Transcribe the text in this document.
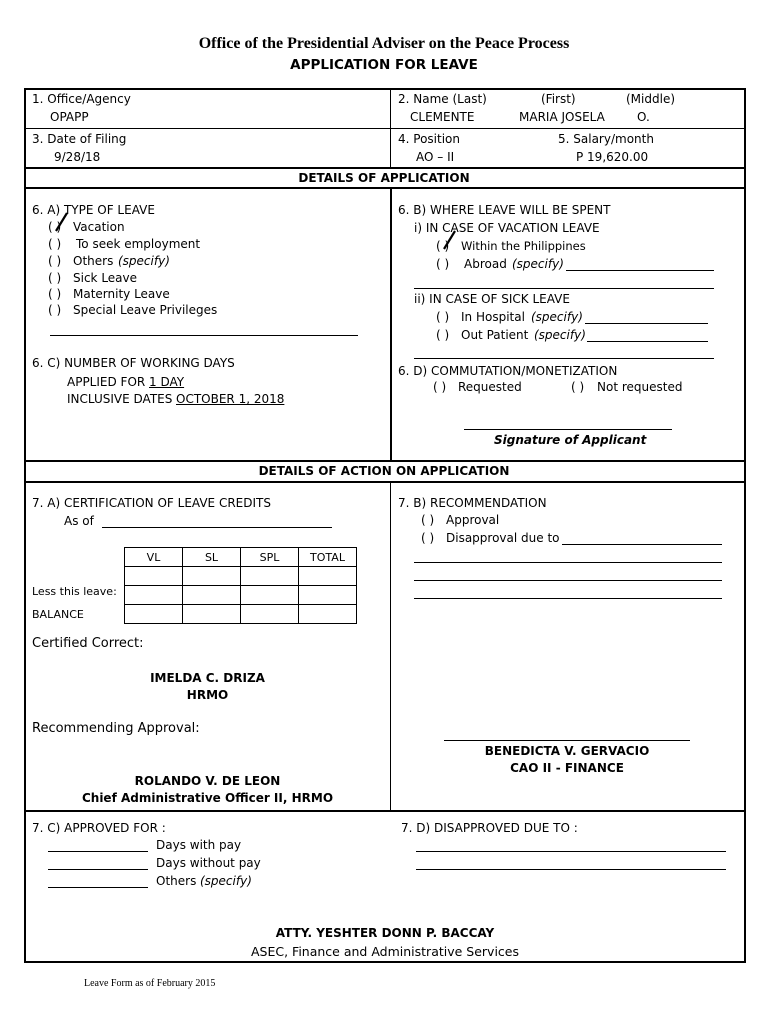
Office of the Presidential Adviser on the Peace Process
APPLICATION FOR LEAVE
1. Office/Agency
OPAPP
2. Name (Last)	(First)	(Middle)
CLEMENTE	MARIA JOSELA	O.
3. Date of Filing
9/28/18
4. Position
AO – II
5. Salary/month
P 19,620.00
DETAILS OF APPLICATION
6. A) TYPE OF LEAVE
( ) Vacation
( ) To seek employment
( ) Others (specify)
( ) Sick Leave
( ) Maternity Leave
( ) Special Leave Privileges
6. C) NUMBER OF WORKING DAYS
APPLIED FOR 1 DAY
INCLUSIVE DATES OCTOBER 1, 2018
6. B) WHERE LEAVE WILL BE SPENT
i) IN CASE OF VACATION LEAVE
( ) Within the Philippines
( ) Abroad (specify)
ii) IN CASE OF SICK LEAVE
( ) In Hospital (specify)
( ) Out Patient (specify)
6. D) COMMUTATION/MONETIZATION
( ) Requested	( ) Not requested
Signature of Applicant
DETAILS OF ACTION ON APPLICATION
7. A) CERTIFICATION OF LEAVE CREDITS
As of
VL	SL	SPL	TOTAL

Less this leave:
BALANCE
Certified Correct:
IMELDA C. DRIZA
HRMO
Recommending Approval:
ROLANDO V. DE LEON
Chief Administrative Officer II, HRMO
7. B) RECOMMENDATION
( ) Approval
( ) Disapproval due to
BENEDICTA V. GERVACIO
CAO II - FINANCE
7. C) APPROVED FOR :
Days with pay
Days without pay
Others (specify)
7. D) DISAPPROVED DUE TO :
ATTY. YESHTER DONN P. BACCAY
ASEC, Finance and Administrative Services
Leave Form as of February 2015
